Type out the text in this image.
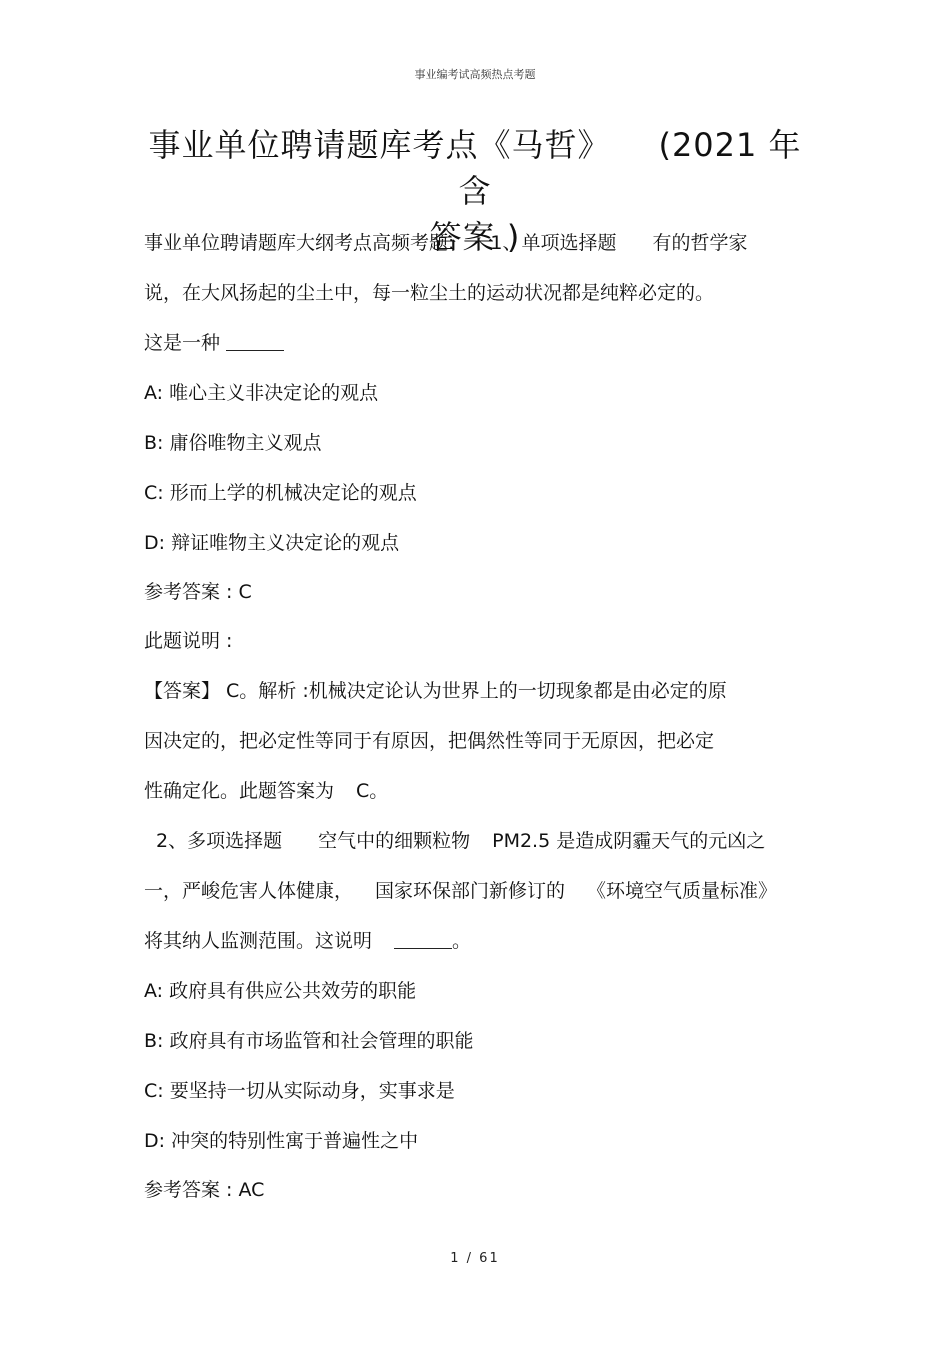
事业编考试高频热点考题
事业单位聘请题库考点《马哲》 (2021 年含
答案 )
事业单位聘请题库大纲考点高频考题: 1、单项选择题 有的哲学家
说，在大风扬起的尘土中，每一粒尘土的运动状况都是纯粹必定的。
这是一种
A: 唯心主义非决定论的观点
B: 庸俗唯物主义观点
C: 形而上学的机械决定论的观点
D: 辩证唯物主义决定论的观点
参考答案 : C
此题说明 :
【答案】 C。解析 :机械决定论认为世界上的一切现象都是由必定的原
因决定的，把必定性等同于有原因，把偶然性等同于无原因，把必定
性确定化。此题答案为 C。
2、多项选择题 空气中的细颗粒物 PM2.5 是造成阴霾天气的元凶之
一，严峻危害人体健康， 国家环保部门新修订的 《环境空气质量标准》
将其纳人监测范围。这说明	。
A: 政府具有供应公共效劳的职能
B: 政府具有市场监管和社会管理的职能
C: 要坚持一切从实际动身，实事求是
D: 冲突的特别性寓于普遍性之中
参考答案 : AC
1 / 61
